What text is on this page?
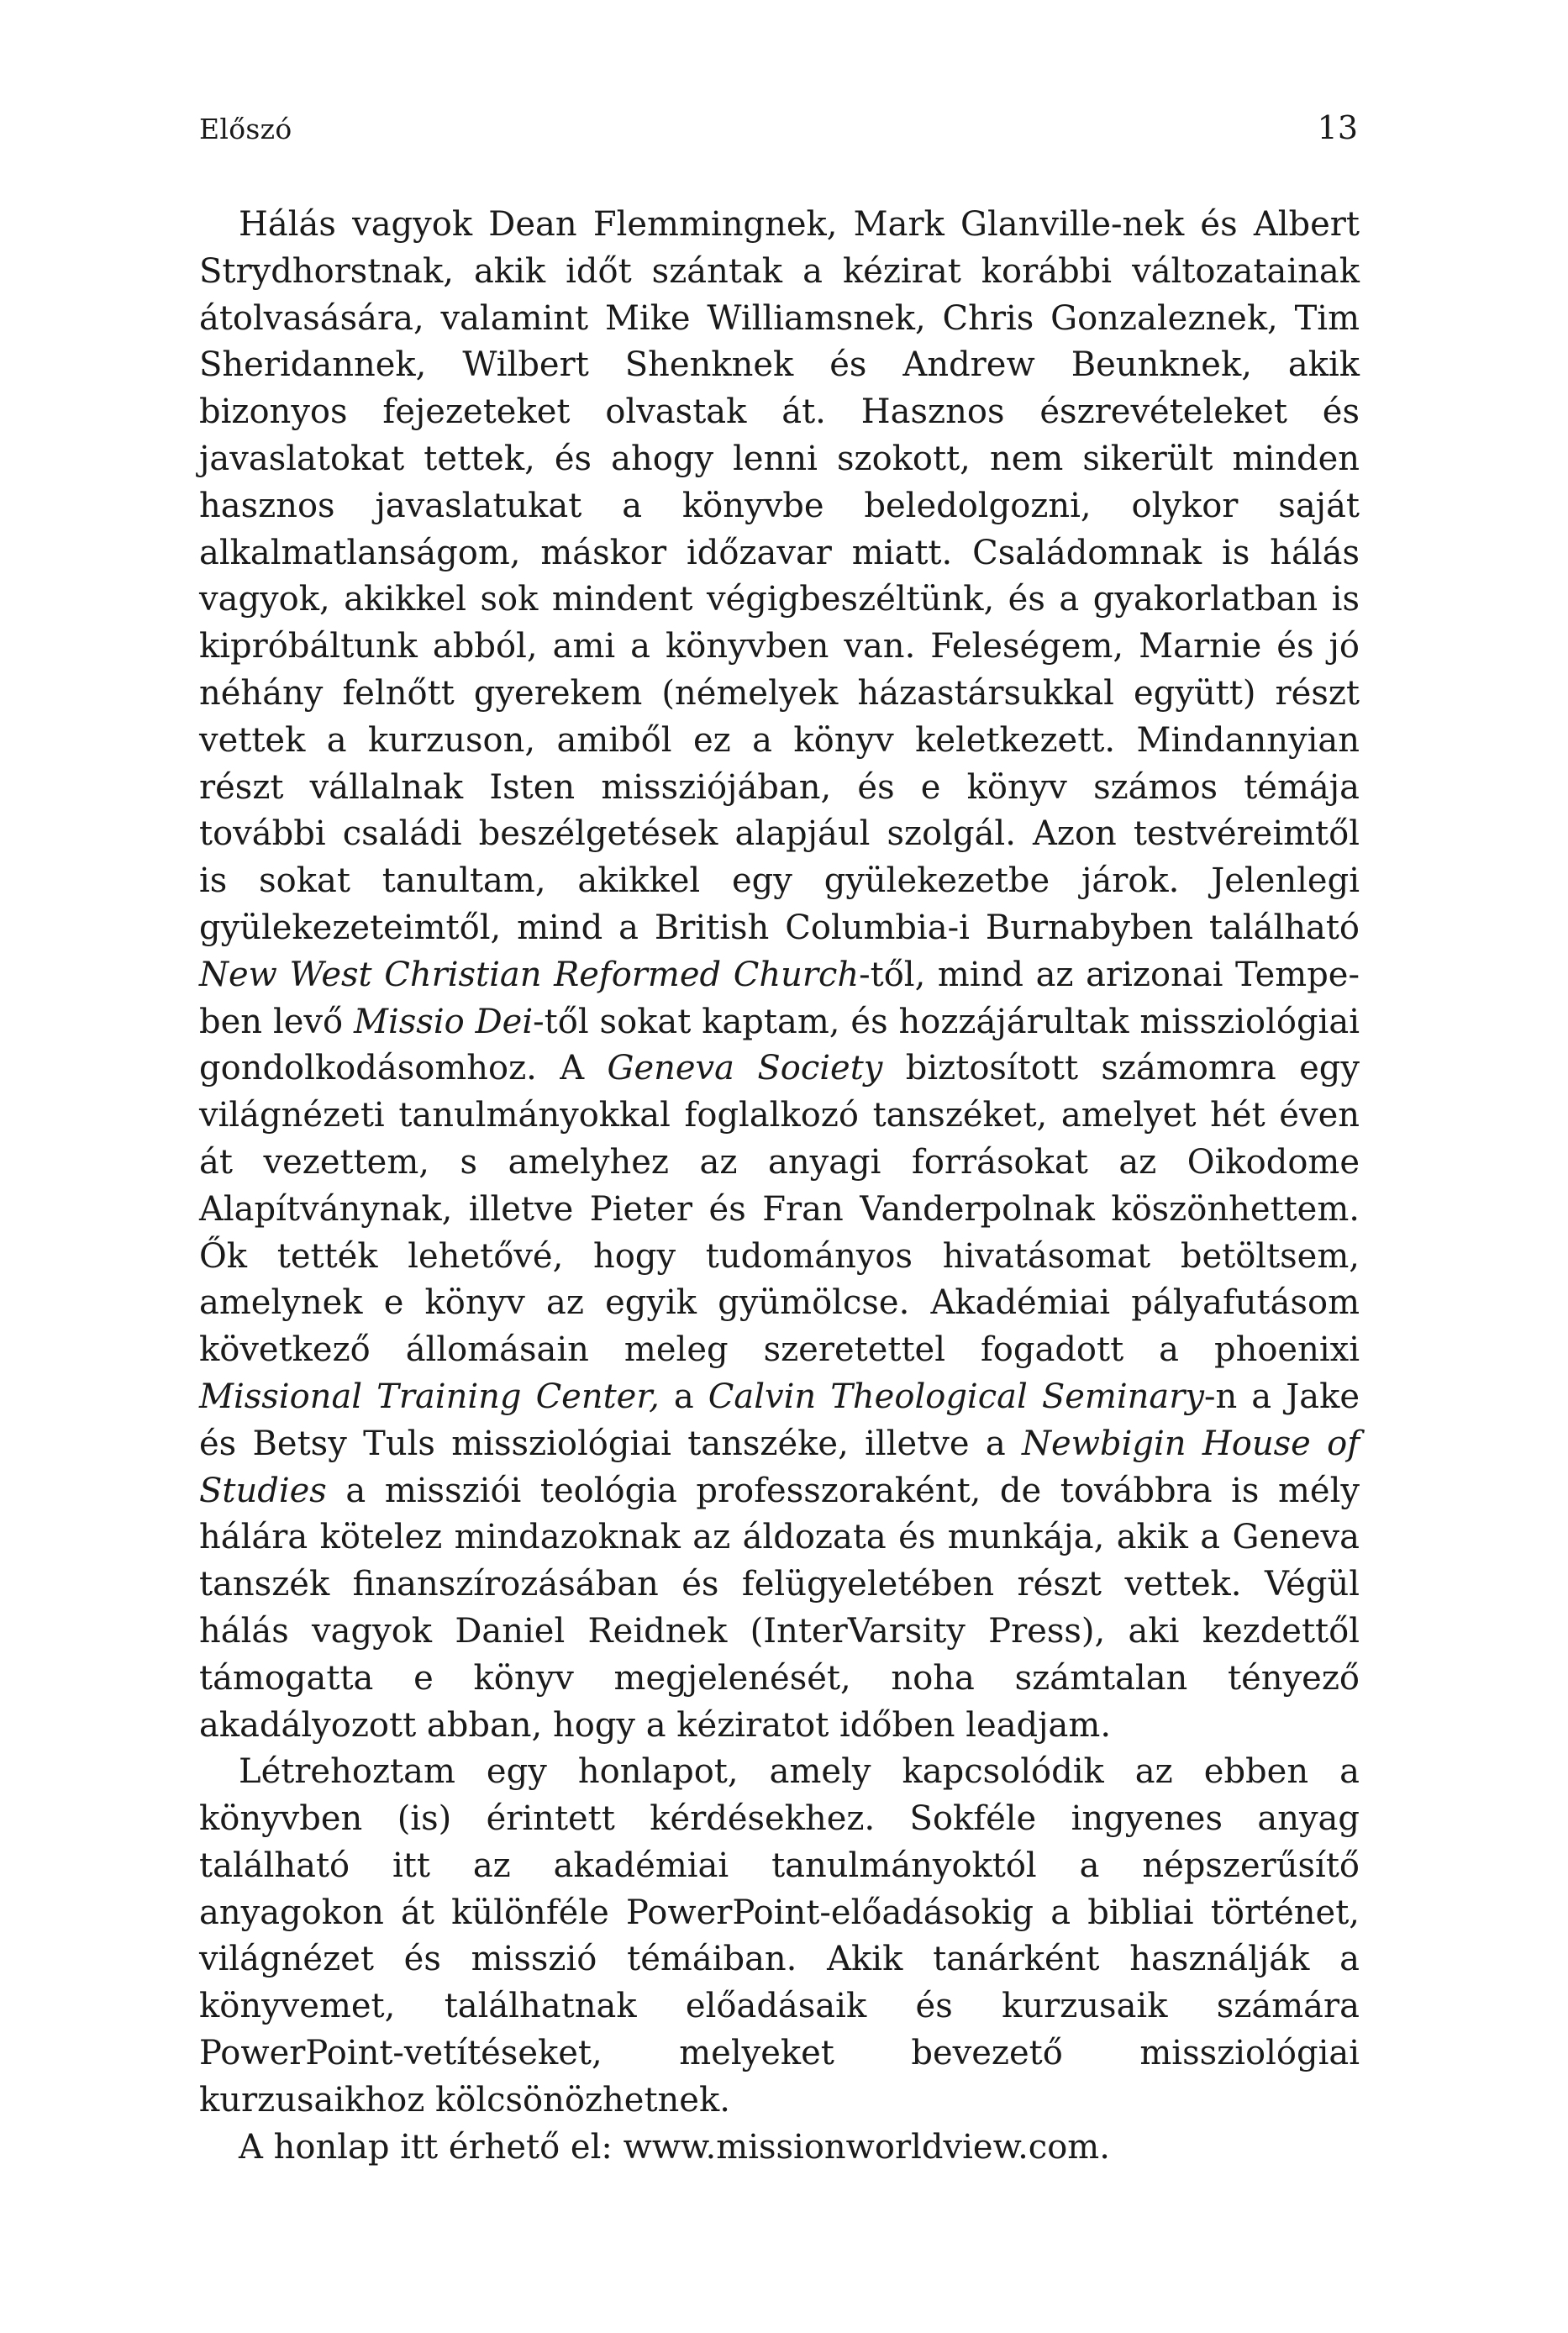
Előszó	13

Hálás vagyok Dean Flemmingnek, Mark Glanville-nek és Albert Strydhorstnak, akik időt szántak a kézirat korábbi változatainak átolvasására, valamint Mike Williamsnek, Chris Gonzaleznek, Tim Sheridannek, Wilbert Shenknek és Andrew Beunknek, akik bizonyos fejezeteket olvastak át. Hasznos észrevételeket és javaslatokat tettek, és ahogy lenni szokott, nem sikerült minden hasznos javaslatukat a könyvbe beledolgozni, olykor saját alkalmatlanságom, máskor időzavar miatt. Családomnak is hálás vagyok, akikkel sok mindent végigbeszéltünk, és a gyakorlatban is kipróbáltunk abból, ami a könyvben van. Feleségem, Marnie és jó néhány felnőtt gyerekem (némelyek házastársukkal együtt) részt vettek a kurzuson, amiből ez a könyv keletkezett. Mindannyian részt vállalnak Isten missziójában, és e könyv számos témája további családi beszélgetések alapjául szolgál. Azon testvéreimtől is sokat tanultam, akikkel egy gyülekezetbe járok. Jelenlegi gyülekezeteimtől, mind a British Columbia-i Burnabyben található New West Christian Reformed Church-től, mind az arizonai Tempe-ben levő Missio Dei-től sokat kaptam, és hozzájárultak missziológiai gondolkodásomhoz. A Geneva Society biztosított számomra egy világnézeti tanulmányokkal foglalkozó tanszéket, amelyet hét éven át vezettem, s amelyhez az anyagi forrásokat az Oikodome Alapítványnak, illetve Pieter és Fran Vanderpolnak köszönhettem. Ők tették lehetővé, hogy tudományos hivatásomat betöltsem, amelynek e könyv az egyik gyümölcse. Akadémiai pályafutásom következő állomásain meleg szeretettel fogadott a phoenixi Missional Training Center, a Calvin Theological Seminary-n a Jake és Betsy Tuls missziológiai tanszéke, illetve a Newbigin House of Studies a missziói teológia professzoraként, de továbbra is mély hálára kötelez mindazoknak az áldozata és munkája, akik a Geneva tanszék finanszírozásában és felügyeletében részt vettek. Végül hálás vagyok Daniel Reidnek (InterVarsity Press), aki kezdettől támogatta e könyv megjelenését, noha számtalan tényező akadályozott abban, hogy a kéziratot időben leadjam.

Létrehoztam egy honlapot, amely kapcsolódik az ebben a könyvben (is) érintett kérdésekhez. Sokféle ingyenes anyag található itt az akadémiai tanulmányoktól a népszerűsítő anyagokon át különféle PowerPoint-előadásokig a bibliai történet, világnézet és misszió témáiban. Akik tanárként használják a könyvemet, találhatnak előadásaik és kurzusaik számára PowerPoint-vetítéseket, melyeket bevezető missziológiai kurzusaikhoz kölcsönözhetnek.

A honlap itt érhető el: www.missionworldview.com.
